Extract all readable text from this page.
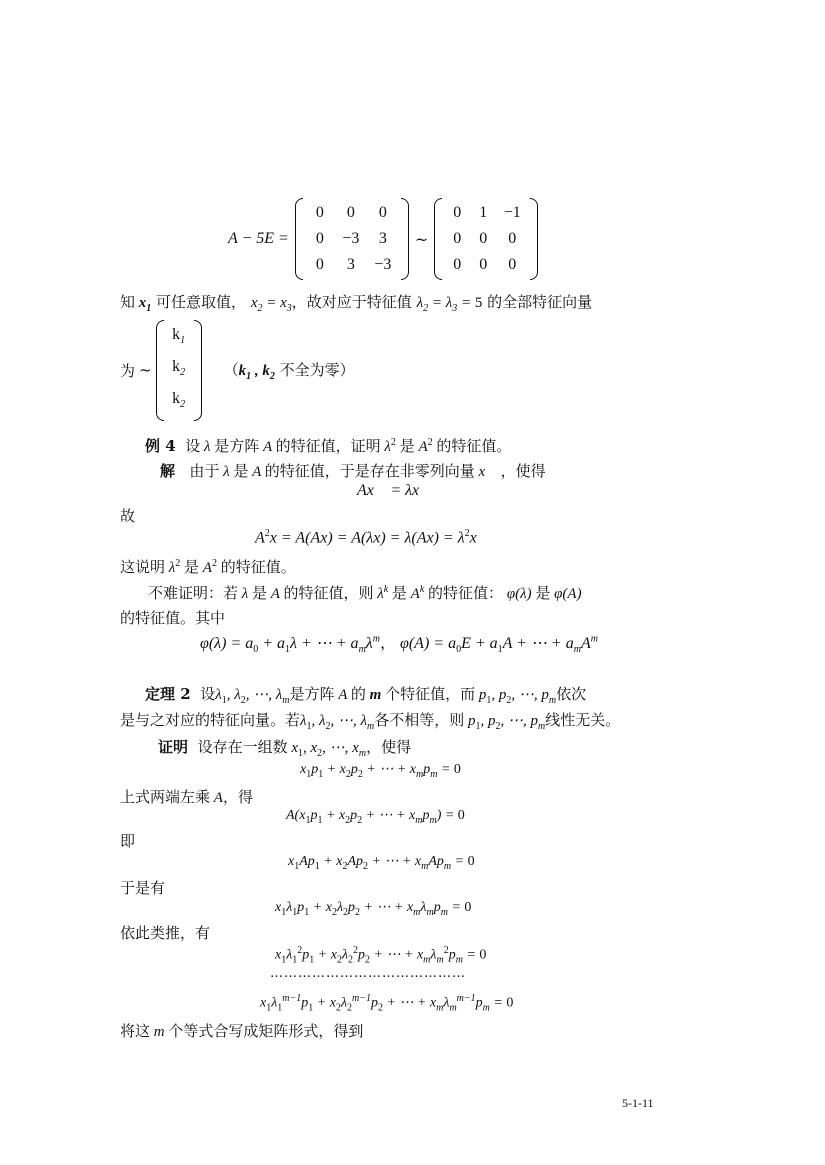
A − 5E =
0	0	0
0	−3	3
0	3	−3
~
0	1	−1
0	0	0
0	0	0
知 $x_1$ 可任意取值， $x_2 = x_3$，故对应于特征值 $\lambda_2 = \lambda_3 = 5$ 的全部特征向量
为 ~
$k_1$
$k_2$
$k_2$
（$k_1$ , $k_2$ 不全为零）
例 4 设 λ 是方阵 A 的特征值，证明 $\lambda^2$ 是 $A^2$ 的特征值。
解 由于 λ 是 A 的特征值，于是存在非零列向量 x⃗ ，使得
Ax⃗ = λx⃗
故
$A^2x = A(Ax) = A(\lambda x) = \lambda(Ax) = \lambda^2x$
这说明 $\lambda^2$ 是 $A^2$ 的特征值。
不难证明：若 λ 是 A 的特征值，则 $\lambda^k$ 是 $A^k$ 的特征值： φ(λ) 是 φ(A)
的特征值。其中
$\varphi(\lambda) = a_0 + a_1\lambda$ + ⋯ + $a_m\lambda^m$， $\varphi(A) = a_0E + a_1A$ + ⋯ + $a_mA^m$
定理 2 设$\lambda_1$, $\lambda_2$, ⋯, $\lambda_m$是方阵 A 的 m 个特征值，而 $p_1$, $p_2$, ⋯, $p_m$依次
是与之对应的特征向量。若$\lambda_1$, $\lambda_2$, ⋯, $\lambda_m$各不相等，则 $p_1$, $p_2$, ⋯, $p_m$线性无关。
证明 设存在一组数 $x_1$, $x_2$, ⋯, $x_m$，使得
$x_1p_1 + x_2p_2$ + ⋯ + $x_mp_m = 0$
上式两端左乘 A，得
$A(x_1p_1 + x_2p_2$ + ⋯ + $x_mp_m) = 0$
即
$x_1Ap_1 + x_2Ap_2$ + ⋯ + $x_mAp_m = 0$
于是有
$x_1\lambda_1p_1 + x_2\lambda_2p_2$ + ⋯ + $x_m\lambda_mp_m = 0$
依此类推，有
$x_1\lambda_1^2p_1 + x_2\lambda_2^2p_2$ + ⋯ + $x_m\lambda_m^2p_m = 0$
……………………………………
$x_1\lambda_1^{m-1}p_1 + x_2\lambda_2^{m-1}p_2$ + ⋯ + $x_m\lambda_m^{m-1}p_m = 0$
将这 m 个等式合写成矩阵形式，得到
5-1-11
